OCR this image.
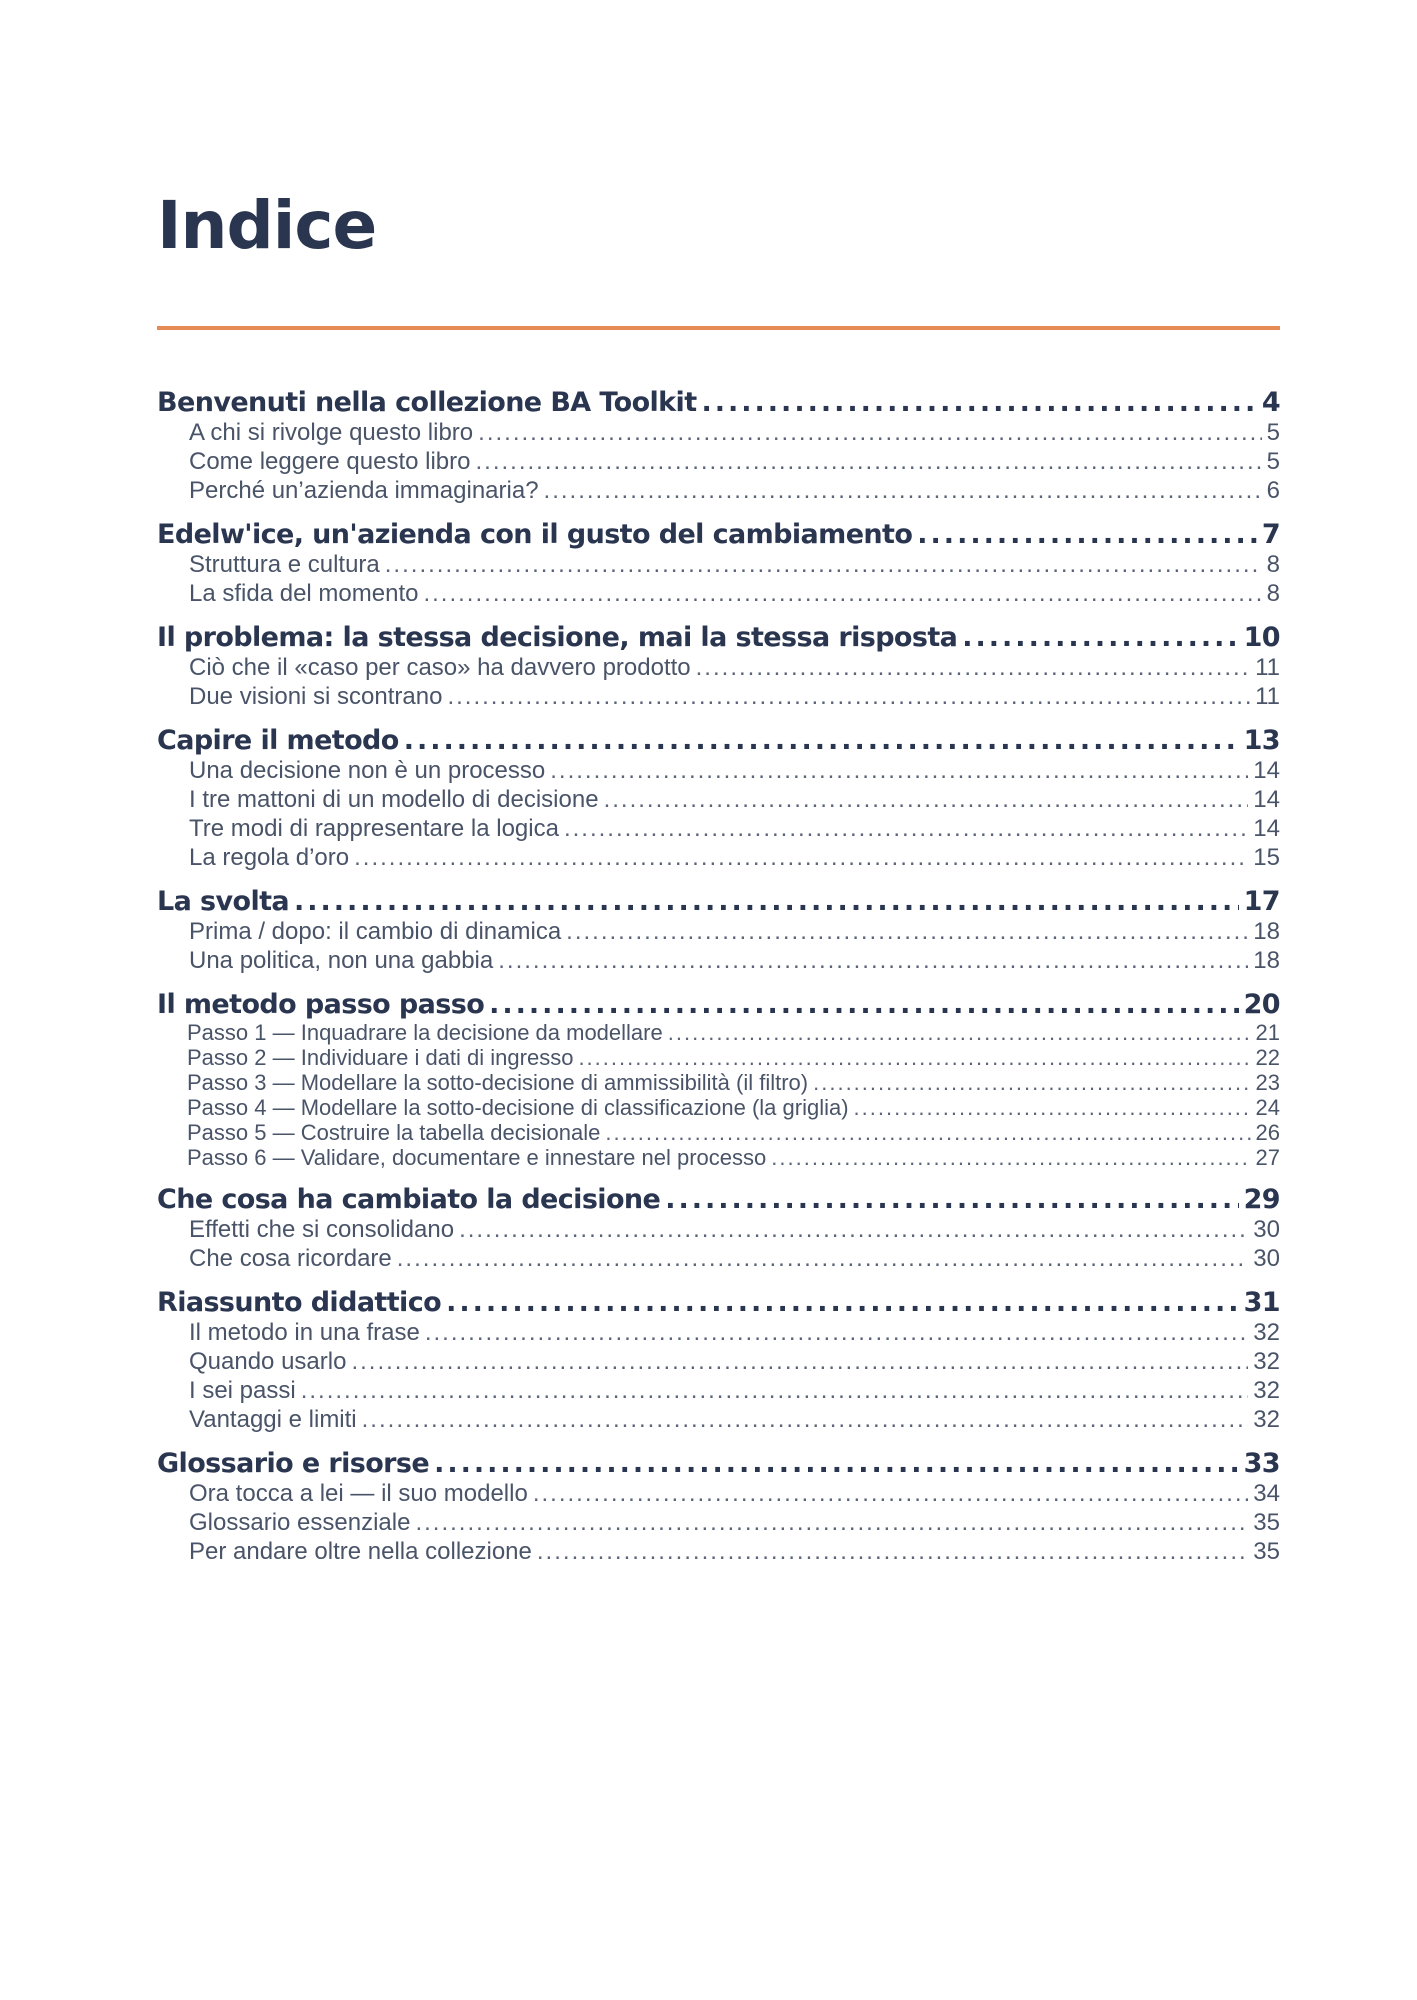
Indice
Benvenuti nella collezione BA Toolkit .....	4
A chi si rivolge questo libro .....	5
Come leggere questo libro .....	5
Perché un’azienda immaginaria? .....	6
Edelw'ice, un'azienda con il gusto del cambiamento .....	7
Struttura e cultura .....	8
La sfida del momento .....	8
Il problema: la stessa decisione, mai la stessa risposta .....	10
Ciò che il «caso per caso» ha davvero prodotto .....	11
Due visioni si scontrano .....	11
Capire il metodo .....	13
Una decisione non è un processo .....	14
I tre mattoni di un modello di decisione .....	14
Tre modi di rappresentare la logica .....	14
La regola d’oro .....	15
La svolta .....	17
Prima / dopo: il cambio di dinamica .....	18
Una politica, non una gabbia .....	18
Il metodo passo passo .....	20
Passo 1 — Inquadrare la decisione da modellare .....	21
Passo 2 — Individuare i dati di ingresso .....	22
Passo 3 — Modellare la sotto-decisione di ammissibilità (il filtro) .....	23
Passo 4 — Modellare la sotto-decisione di classificazione (la griglia) .....	24
Passo 5 — Costruire la tabella decisionale .....	26
Passo 6 — Validare, documentare e innestare nel processo .....	27
Che cosa ha cambiato la decisione .....	29
Effetti che si consolidano .....	30
Che cosa ricordare .....	30
Riassunto didattico .....	31
Il metodo in una frase .....	32
Quando usarlo .....	32
I sei passi .....	32
Vantaggi e limiti .....	32
Glossario e risorse .....	33
Ora tocca a lei — il suo modello .....	34
Glossario essenziale .....	35
Per andare oltre nella collezione .....	35
